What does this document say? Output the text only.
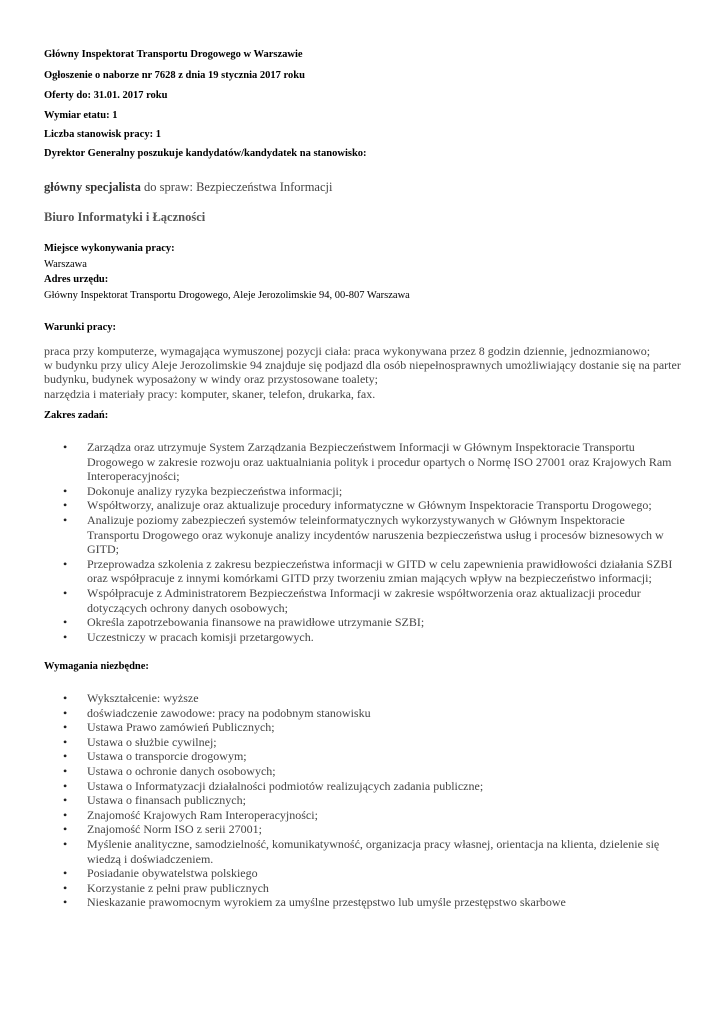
Główny Inspektorat Transportu Drogowego w Warszawie
Ogłoszenie o naborze nr 7628 z dnia 19 stycznia 2017 roku
Oferty do: 31.01. 2017 roku
Wymiar etatu: 1
Liczba stanowisk pracy: 1
Dyrektor Generalny poszukuje kandydatów/kandydatek na stanowisko:
główny specjalista do spraw: Bezpieczeństwa Informacji
Biuro Informatyki i Łączności
Miejsce wykonywania pracy:
Warszawa
Adres urzędu:
Główny Inspektorat Transportu Drogowego, Aleje Jerozolimskie 94, 00-807 Warszawa
Warunki pracy:
praca przy komputerze, wymagająca wymuszonej pozycji ciała: praca wykonywana przez 8 godzin dziennie, jednozmianowo;
w budynku przy ulicy Aleje Jerozolimskie 94 znajduje się podjazd dla osób niepełnosprawnych umożliwiający dostanie się na parter
budynku, budynek wyposażony w windy oraz przystosowane toalety;
narzędzia i materiały pracy: komputer, skaner, telefon, drukarka, fax.
Zakres zadań:
• Zarządza oraz utrzymuje System Zarządzania Bezpieczeństwem Informacji w Głównym Inspektoracie Transportu
Drogowego w zakresie rozwoju oraz uaktualniania polityk i procedur opartych o Normę ISO 27001 oraz Krajowych Ram
Interoperacyjności;
• Dokonuje analizy ryzyka bezpieczeństwa informacji;
• Współtworzy, analizuje oraz aktualizuje procedury informatyczne w Głównym Inspektoracie Transportu Drogowego;
• Analizuje poziomy zabezpieczeń systemów teleinformatycznych wykorzystywanych w Głównym Inspektoracie
Transportu Drogowego oraz wykonuje analizy incydentów naruszenia bezpieczeństwa usług i procesów biznesowych w
GITD;
• Przeprowadza szkolenia z zakresu bezpieczeństwa informacji w GITD w celu zapewnienia prawidłowości działania SZBI
oraz współpracuje z innymi komórkami GITD przy tworzeniu zmian mających wpływ na bezpieczeństwo informacji;
• Współpracuje z Administratorem Bezpieczeństwa Informacji w zakresie współtworzenia oraz aktualizacji procedur
dotyczących ochrony danych osobowych;
• Określa zapotrzebowania finansowe na prawidłowe utrzymanie SZBI;
• Uczestniczy w pracach komisji przetargowych.
Wymagania niezbędne:
• Wykształcenie: wyższe
• doświadczenie zawodowe: pracy na podobnym stanowisku
• Ustawa Prawo zamówień Publicznych;
• Ustawa o służbie cywilnej;
• Ustawa o transporcie drogowym;
• Ustawa o ochronie danych osobowych;
• Ustawa o Informatyzacji działalności podmiotów realizujących zadania publiczne;
• Ustawa o finansach publicznych;
• Znajomość Krajowych Ram Interoperacyjności;
• Znajomość Norm ISO z serii 27001;
• Myślenie analityczne, samodzielność, komunikatywność, organizacja pracy własnej, orientacja na klienta, dzielenie się
wiedzą i doświadczeniem.
• Posiadanie obywatelstwa polskiego
• Korzystanie z pełni praw publicznych
• Nieskazanie prawomocnym wyrokiem za umyślne przestępstwo lub umyśle przestępstwo skarbowe
